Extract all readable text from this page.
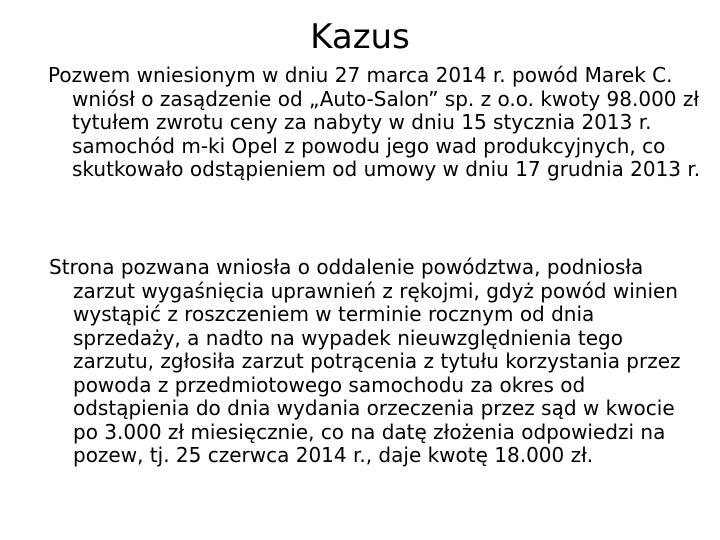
Kazus

Pozwem wniesionym w dniu 27 marca 2014 r. powód Marek C. wniósł o zasądzenie od „Auto-Salon” sp. z o.o. kwoty 98.000 zł tytułem zwrotu ceny za nabyty w dniu 15 stycznia 2013 r. samochód m-ki Opel z powodu jego wad produkcyjnych, co skutkowało odstąpieniem od umowy w dniu 17 grudnia 2013 r.

Strona pozwana wniosła o oddalenie powództwa, podniosła zarzut wygaśnięcia uprawnień z rękojmi, gdyż powód winien wystąpić z roszczeniem w terminie rocznym od dnia sprzedaży, a nadto na wypadek nieuwzględnienia tego zarzutu, zgłosiła zarzut potrącenia z tytułu korzystania przez powoda z przedmiotowego samochodu za okres od odstąpienia do dnia wydania orzeczenia przez sąd w kwocie po 3.000 zł miesięcznie, co na datę złożenia odpowiedzi na pozew, tj. 25 czerwca 2014 r., daje kwotę 18.000 zł.
